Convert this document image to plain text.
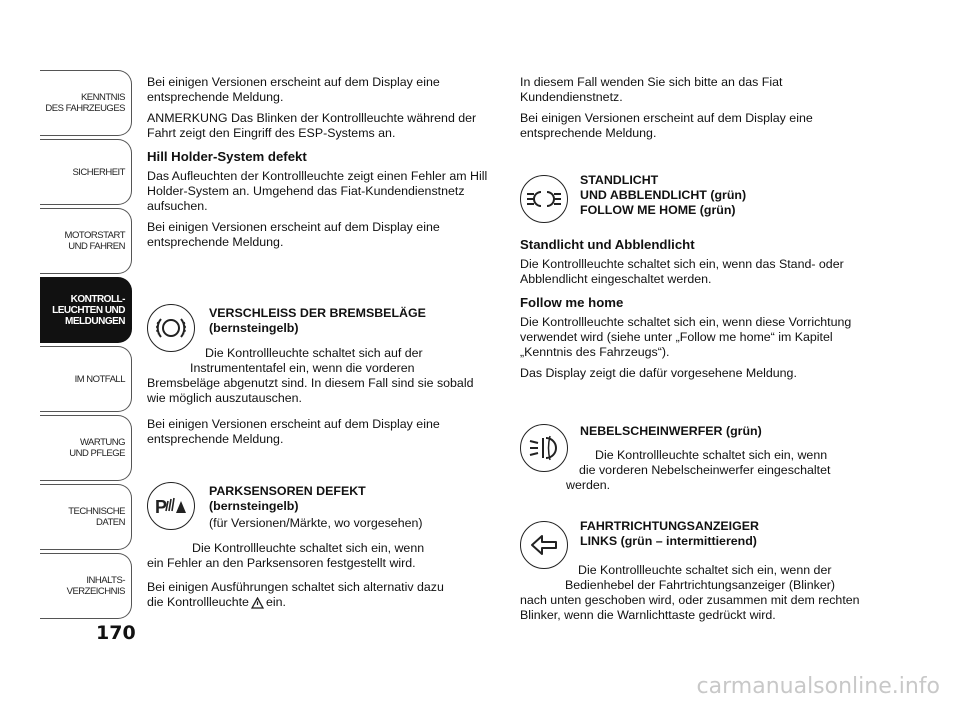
KENNTNIS
DES FAHRZEUGES
SICHERHEIT
MOTORSTART
UND FAHREN
KONTROLL-
LEUCHTEN UND
MELDUNGEN
IM NOTFALL
WARTUNG
UND PFLEGE
TECHNISCHE
DATEN
INHALTS-
VERZEICHNIS
170

Bei einigen Versionen erscheint auf dem Display eine entsprechende Meldung.

ANMERKUNG Das Blinken der Kontrollleuchte während der Fahrt zeigt den Eingriff des ESP-Systems an.

Hill Holder-System defekt

Das Aufleuchten der Kontrollleuchte zeigt einen Fehler am Hill Holder-System an. Umgehend das Fiat-Kundendienstnetz aufsuchen.

Bei einigen Versionen erscheint auf dem Display eine entsprechende Meldung.

VERSCHLEISS DER BREMSBELÄGE
(bernsteingelb)
Die Kontrollleuchte schaltet sich auf der
Instrumententafel ein, wenn die vorderen
Bremsbeläge abgenutzt sind. In diesem Fall sind sie sobald wie möglich auszutauschen.
Bei einigen Versionen erscheint auf dem Display eine entsprechende Meldung.
P
PARKSENSOREN DEFEKT
(bernsteingelb)
(für Versionen/Märkte, wo vorgesehen)
Die Kontrollleuchte schaltet sich ein, wenn
ein Fehler an den Parksensoren festgestellt wird.
Bei einigen Ausführungen schaltet sich alternativ dazu
die Kontrollleuchte ein.

In diesem Fall wenden Sie sich bitte an das Fiat Kundendienstnetz.

Bei einigen Versionen erscheint auf dem Display eine entsprechende Meldung.

STANDLICHT
UND ABBLENDLICHT (grün)
FOLLOW ME HOME (grün)
Standlicht und Abblendlicht

Die Kontrollleuchte schaltet sich ein, wenn das Stand- oder Abblendlicht eingeschaltet werden.

Follow me home

Die Kontrollleuchte schaltet sich ein, wenn diese Vorrichtung verwendet wird (siehe unter „Follow me home“ im Kapitel „Kenntnis des Fahrzeugs“).

Das Display zeigt die dafür vorgesehene Meldung.

NEBELSCHEINWERFER (grün)
Die Kontrollleuchte schaltet sich ein, wenn
die vorderen Nebelscheinwerfer eingeschaltet
werden.
FAHRTRICHTUNGSANZEIGER
LINKS (grün – intermittierend)
Die Kontrollleuchte schaltet sich ein, wenn der
Bedienhebel der Fahrtrichtungsanzeiger (Blinker)
nach unten geschoben wird, oder zusammen mit dem rechten Blinker, wenn die Warnlichttaste gedrückt wird.
carmanualsonline.info
